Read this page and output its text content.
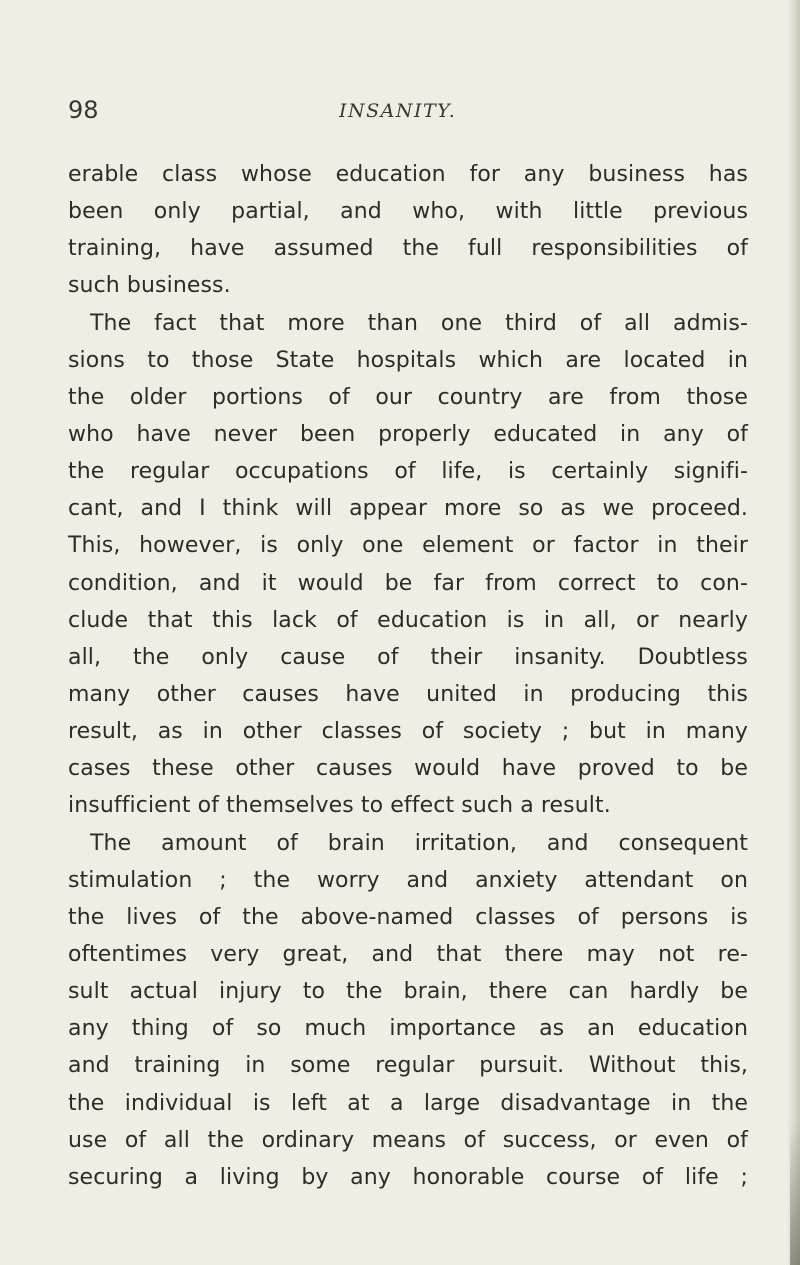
98	INSANITY.
erable class whose education for any business has
been only partial, and who, with little previous
training, have assumed the full responsibilities of
such business.
The fact that more than one third of all admis-
sions to those State hospitals which are located in
the older portions of our country are from those
who have never been properly educated in any of
the regular occupations of life, is certainly signifi-
cant, and I think will appear more so as we proceed.
This, however, is only one element or factor in their
condition, and it would be far from correct to con-
clude that this lack of education is in all, or nearly
all, the only cause of their insanity. Doubtless
many other causes have united in producing this
result, as in other classes of society ; but in many
cases these other causes would have proved to be
insufficient of themselves to effect such a result.
The amount of brain irritation, and consequent
stimulation ; the worry and anxiety attendant on
the lives of the above-named classes of persons is
oftentimes very great, and that there may not re-
sult actual injury to the brain, there can hardly be
any thing of so much importance as an education
and training in some regular pursuit. Without this,
the individual is left at a large disadvantage in the
use of all the ordinary means of success, or even of
securing a living by any honorable course of life ;
